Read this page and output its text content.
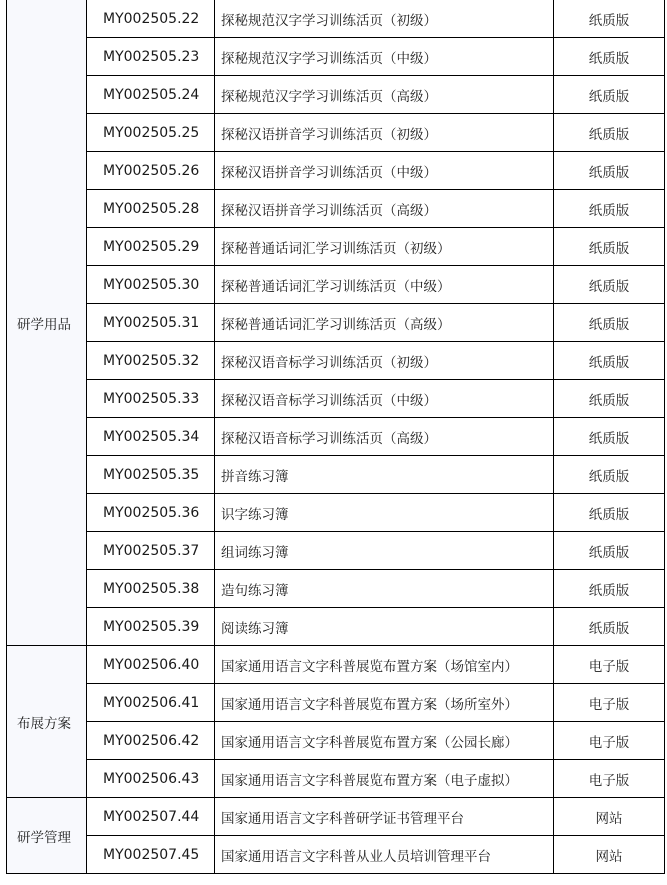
研学用品	MY002505.22	探秘规范汉字学习训练活页（初级）	纸质版
	MY002505.23	探秘规范汉字学习训练活页（中级）	纸质版
	MY002505.24	探秘规范汉字学习训练活页（高级）	纸质版
	MY002505.25	探秘汉语拼音学习训练活页（初级）	纸质版
	MY002505.26	探秘汉语拼音学习训练活页（中级）	纸质版
	MY002505.28	探秘汉语拼音学习训练活页（高级）	纸质版
	MY002505.29	探秘普通话词汇学习训练活页（初级）	纸质版
	MY002505.30	探秘普通话词汇学习训练活页（中级）	纸质版
	MY002505.31	探秘普通话词汇学习训练活页（高级）	纸质版
	MY002505.32	探秘汉语音标学习训练活页（初级）	纸质版
	MY002505.33	探秘汉语音标学习训练活页（中级）	纸质版
	MY002505.34	探秘汉语音标学习训练活页（高级）	纸质版
	MY002505.35	拼音练习簿	纸质版
	MY002505.36	识字练习簿	纸质版
	MY002505.37	组词练习簿	纸质版
	MY002505.38	造句练习簿	纸质版
	MY002505.39	阅读练习簿	纸质版
布展方案	MY002506.40	国家通用语言文字科普展览布置方案（场馆室内）	电子版
	MY002506.41	国家通用语言文字科普展览布置方案（场所室外）	电子版
	MY002506.42	国家通用语言文字科普展览布置方案（公园长廊）	电子版
	MY002506.43	国家通用语言文字科普展览布置方案（电子虚拟）	电子版
研学管理	MY002507.44	国家通用语言文字科普研学证书管理平台	网站
	MY002507.45	国家通用语言文字科普从业人员培训管理平台	网站
